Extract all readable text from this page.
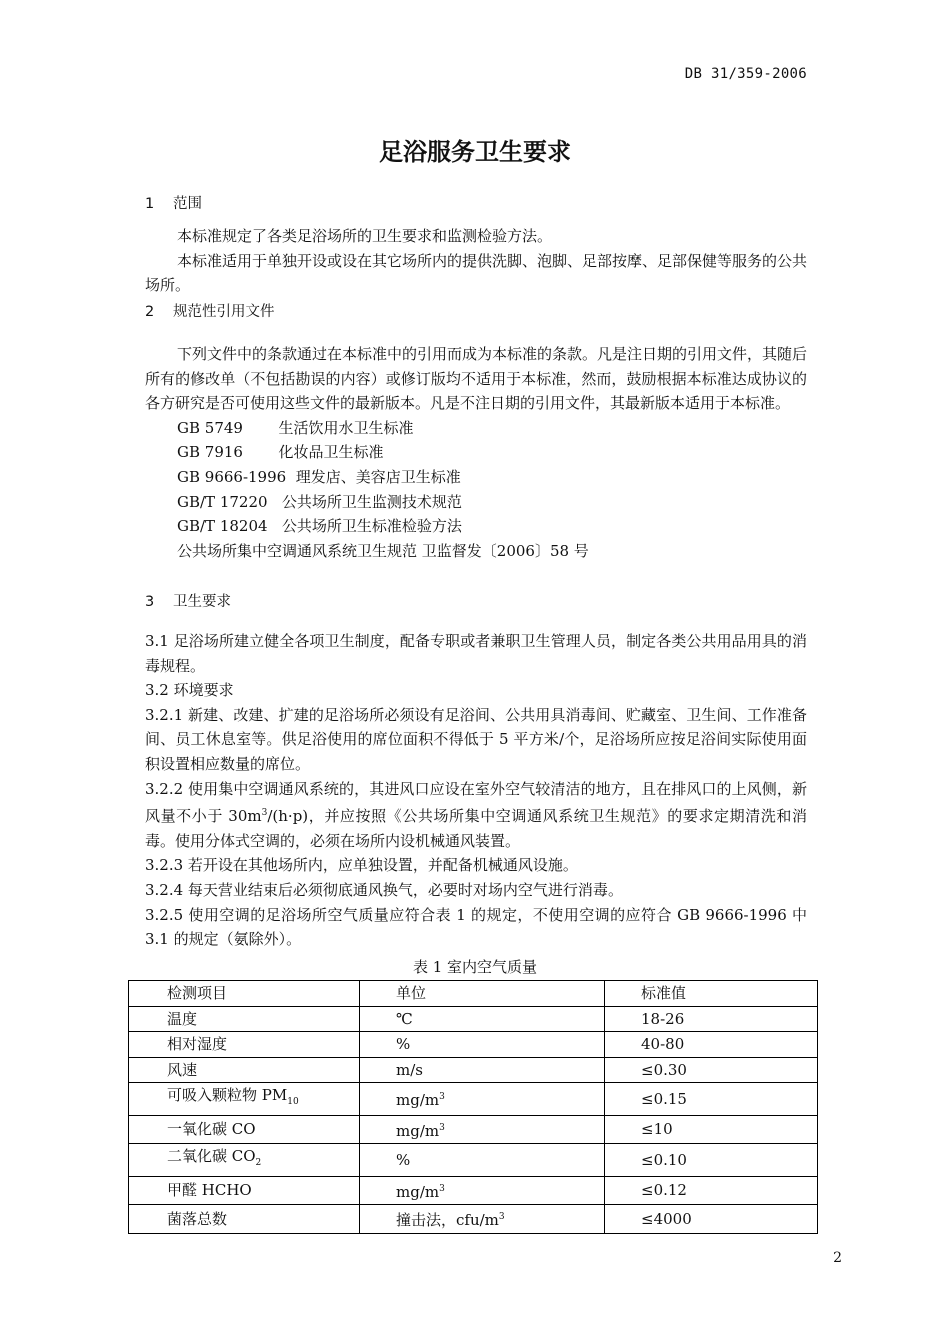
DB 31/359-2006
足浴服务卫生要求
1 范围

本标准规定了各类足浴场所的卫生要求和监测检验方法。

本标准适用于单独开设或设在其它场所内的提供洗脚、泡脚、足部按摩、足部保健等服务的公共场所。

2 规范性引用文件

下列文件中的条款通过在本标准中的引用而成为本标准的条款。凡是注日期的引用文件，其随后所有的修改单（不包括勘误的内容）或修订版均不适用于本标准，然而，鼓励根据本标准达成协议的各方研究是否可使用这些文件的最新版本。凡是不注日期的引用文件，其最新版本适用于本标准。

GB 5749 生活饮用水卫生标准
GB 7916 化妆品卫生标准
GB 9666-1996 理发店、美容店卫生标准
GB/T 17220 公共场所卫生监测技术规范
GB/T 18204 公共场所卫生标准检验方法
公共场所集中空调通风系统卫生规范 卫监督发〔2006〕58 号
3 卫生要求

3.1 足浴场所建立健全各项卫生制度，配备专职或者兼职卫生管理人员，制定各类公共用品用具的消毒规程。

3.2 环境要求

3.2.1 新建、改建、扩建的足浴场所必须设有足浴间、公共用具消毒间、贮藏室、卫生间、工作准备间、员工休息室等。供足浴使用的席位面积不得低于 5 平方米/个，足浴场所应按足浴间实际使用面积设置相应数量的席位。

3.2.2 使用集中空调通风系统的，其进风口应设在室外空气较清洁的地方，且在排风口的上风侧，新风量不小于 $30m^3/(h\cdot p)$，并应按照《公共场所集中空调通风系统卫生规范》的要求定期清洗和消毒。使用分体式空调的，必须在场所内设机械通风装置。

3.2.3 若开设在其他场所内，应单独设置，并配备机械通风设施。

3.2.4 每天营业结束后必须彻底通风换气，必要时对场内空气进行消毒。

3.2.5 使用空调的足浴场所空气质量应符合表 1 的规定，不使用空调的应符合 GB 9666-1996 中 3.1 的规定（氨除外）。

表 1 室内空气质量
检测项目	单位	标准值
温度	℃	18-26
相对湿度	%	40-80
风速	m/s	≤0.30
可吸入颗粒物 $PM_{10}$	$mg/m^3$	≤0.15
一氧化碳 CO	$mg/m^3$	≤10
二氧化碳 $CO_2$	%	≤0.10
甲醛 HCHO	$mg/m^3$	≤0.12
菌落总数	撞击法，cfu/$m^3$	≤4000
2
